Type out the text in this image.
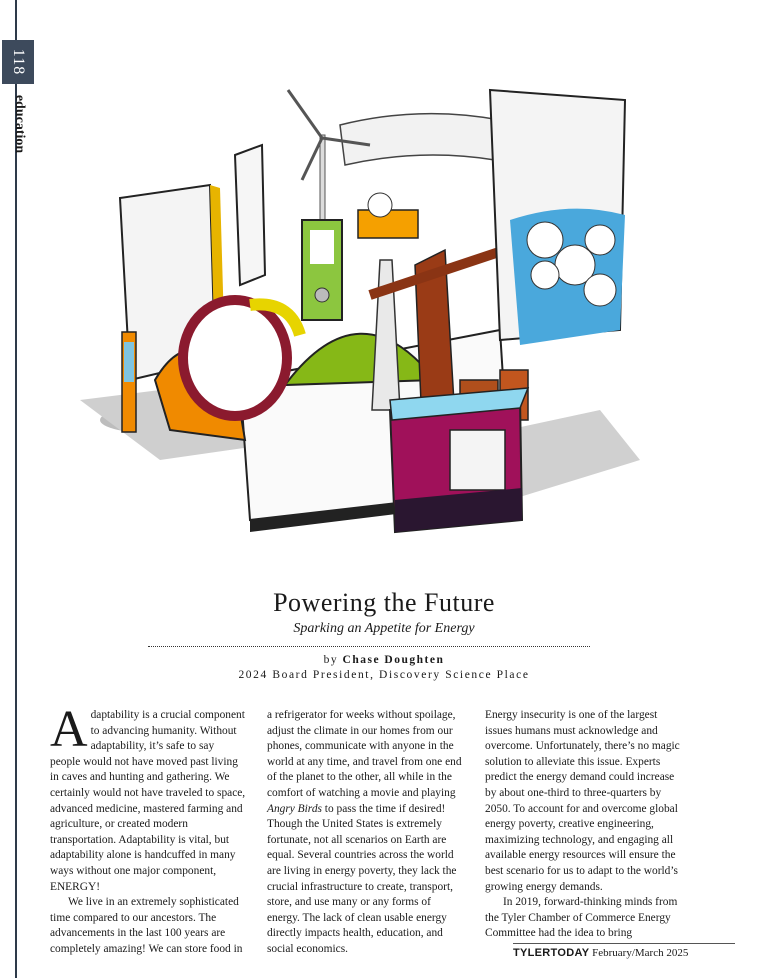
118
education
Powering the Future
Sparking an Appetite for Energy
by Chase Doughten
2024 Board President, Discovery Science Place

Adaptability is a crucial component to advancing humanity. Without adaptability, it’s safe to say people would not have moved past living in caves and hunting and gathering. We certainly would not have traveled to space, advanced medicine, mastered farming and agriculture, or created modern transportation. Adaptability is vital, but adaptability alone is handcuffed in many ways without one major component, ENERGY!

We live in an extremely sophisticated time compared to our ancestors. The advancements in the last 100 years are completely amazing! We can store food in

a refrigerator for weeks without spoilage, adjust the climate in our homes from our phones, communicate with anyone in the world at any time, and travel from one end of the planet to the other, all while in the comfort of watching a movie and playing Angry Birds to pass the time if desired! Though the United States is extremely fortunate, not all scenarios on Earth are equal. Several countries across the world are living in energy poverty, they lack the crucial infrastructure to create, transport, store, and use many or any forms of energy. The lack of clean usable energy directly impacts health, education, and social economics.

Energy insecurity is one of the largest issues humans must acknowledge and overcome. Unfortunately, there’s no magic solution to alleviate this issue. Experts predict the energy demand could increase by about one-third to three-quarters by 2050. To account for and overcome global energy poverty, creative engineering, maximizing technology, and engaging all available energy resources will ensure the best scenario for us to adapt to the world’s growing energy demands.

In 2019, forward-thinking minds from the Tyler Chamber of Commerce Energy Committee had the idea to bring

TYLERTODAY February/March 2025
